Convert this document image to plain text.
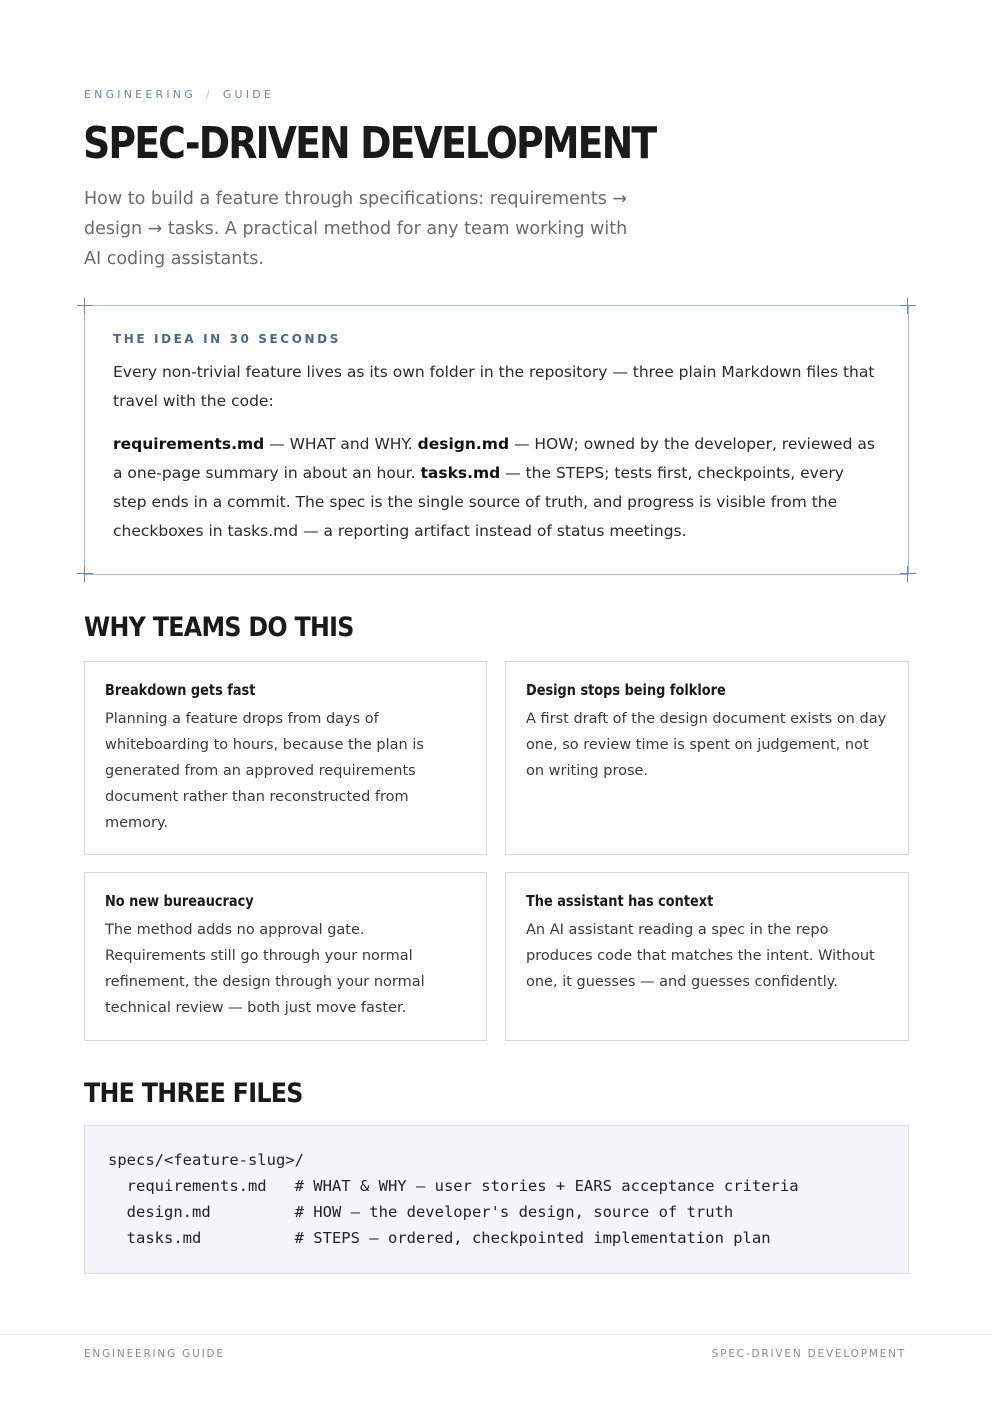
ENGINEERING / GUIDE
SPEC-DRIVEN DEVELOPMENT

How to build a feature through specifications: requirements → design → tasks. A practical method for any team working with AI coding assistants.

THE IDEA IN 30 SECONDS

Every non-trivial feature lives as its own folder in the repository — three plain Markdown files that travel with the code:

requirements.md — WHAT and WHY. design.md — HOW; owned by the developer, reviewed as a one-page summary in about an hour. tasks.md — the STEPS; tests first, checkpoints, every step ends in a commit. The spec is the single source of truth, and progress is visible from the checkboxes in tasks.md — a reporting artifact instead of status meetings.

WHY TEAMS DO THIS
Breakdown gets fast

Planning a feature drops from days of whiteboarding to hours, because the plan is generated from an approved requirements document rather than reconstructed from memory.

Design stops being folklore

A first draft of the design document exists on day one, so review time is spent on judgement, not on writing prose.

No new bureaucracy

The method adds no approval gate. Requirements still go through your normal refinement, the design through your normal technical review — both just move faster.

The assistant has context

An AI assistant reading a spec in the repo produces code that matches the intent. Without one, it guesses — and guesses confidently.

THE THREE FILES
specs/<feature-slug>/
requirements.md   # WHAT & WHY — user stories + EARS acceptance criteria
design.md         # HOW — the developer's design, source of truth
tasks.md          # STEPS — ordered, checkpointed implementation plan
ENGINEERING GUIDE	SPEC-DRIVEN DEVELOPMENT
